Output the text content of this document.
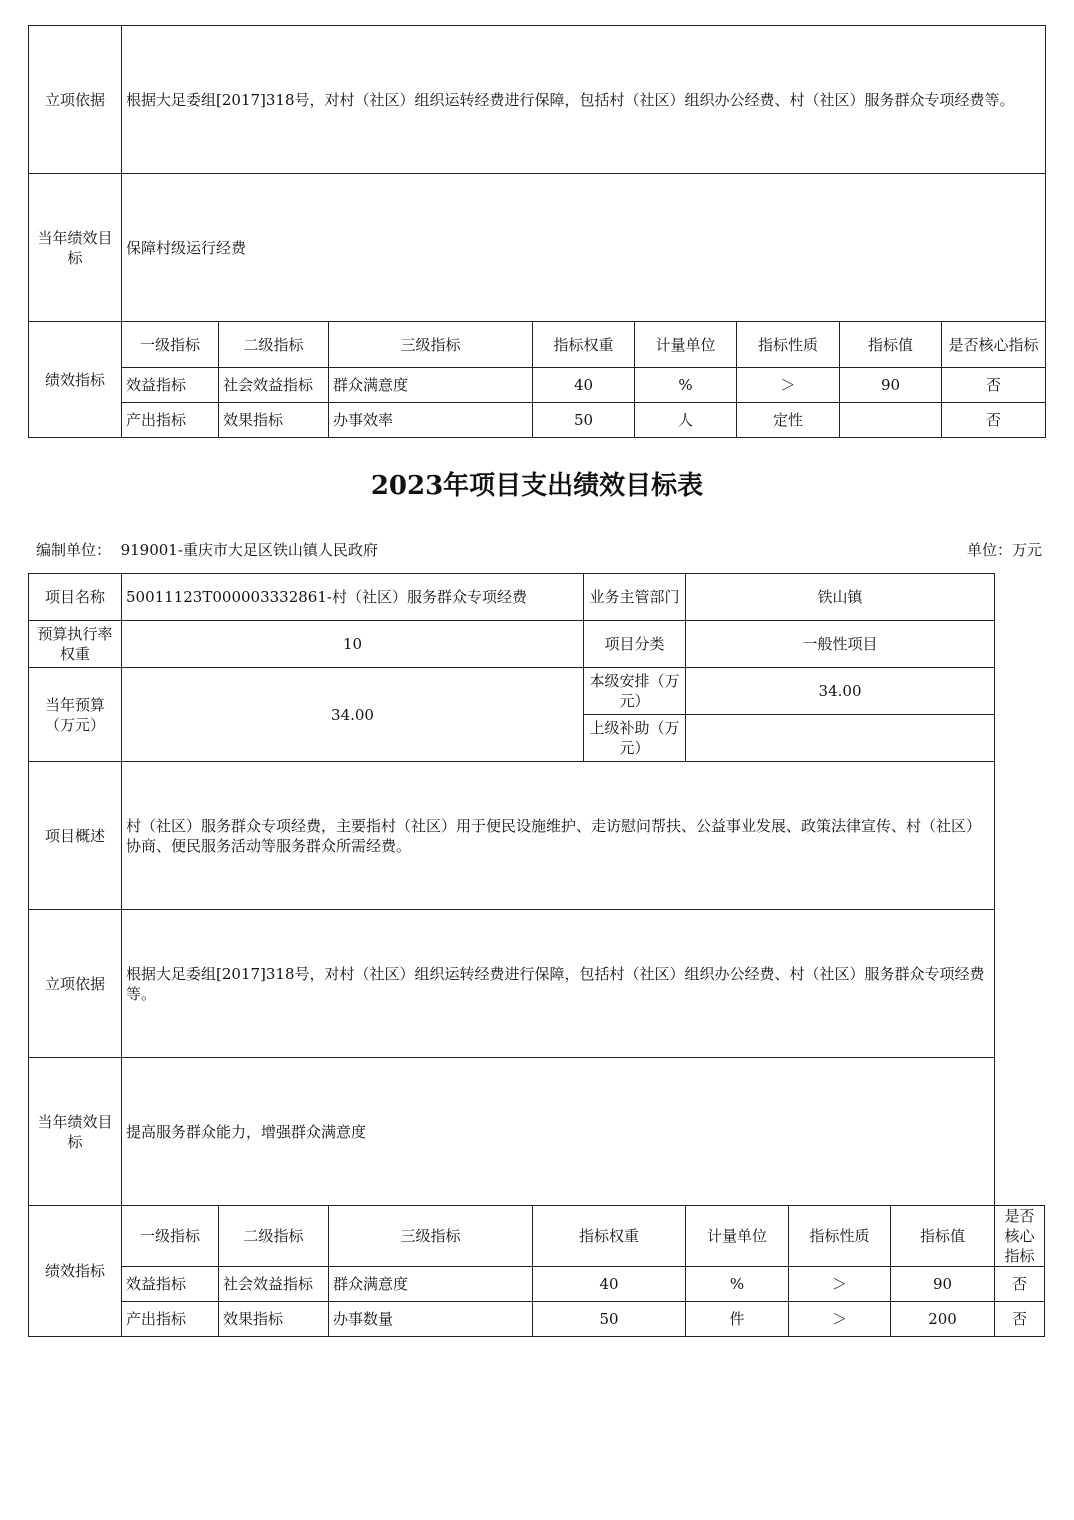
立项依据	根据大足委组[2017]318号，对村（社区）组织运转经费进行保障，包括村（社区）组织办公经费、村（社区）服务群众专项经费等。							
当年绩效目标	保障村级运行经费							
绩效指标	一级指标	二级指标	三级指标	指标权重	计量单位	指标性质	指标值	是否核心指标
	效益指标	社会效益指标	群众满意度	40	%	＞	90	否
	产出指标	效果指标	办事效率	50	人	定性		否
2023年项目支出绩效目标表
编制单位： 919001-重庆市大足区铁山镇人民政府	单位：万元
项目名称	50011123T000003332861-村（社区）服务群众专项经费				业务主管部门	铁山镇			
预算执行率权重	10				项目分类	一般性项目			
当年预算（万元）	34.00				本级安排（万元）	34.00			
					上级补助（万元）				
项目概述	村（社区）服务群众专项经费，主要指村（社区）用于便民设施维护、走访慰问帮扶、公益事业发展、政策法律宣传、村（社区）协商、便民服务活动等服务群众所需经费。								
立项依据	根据大足委组[2017]318号，对村（社区）组织运转经费进行保障，包括村（社区）组织办公经费、村（社区）服务群众专项经费等。								
当年绩效目标	提高服务群众能力，增强群众满意度								
绩效指标	一级指标	二级指标	三级指标	指标权重		计量单位	指标性质	指标值	是否核心指标
	效益指标	社会效益指标	群众满意度	40		%	＞	90	否
	产出指标	效果指标	办事数量	50		件	＞	200	否
